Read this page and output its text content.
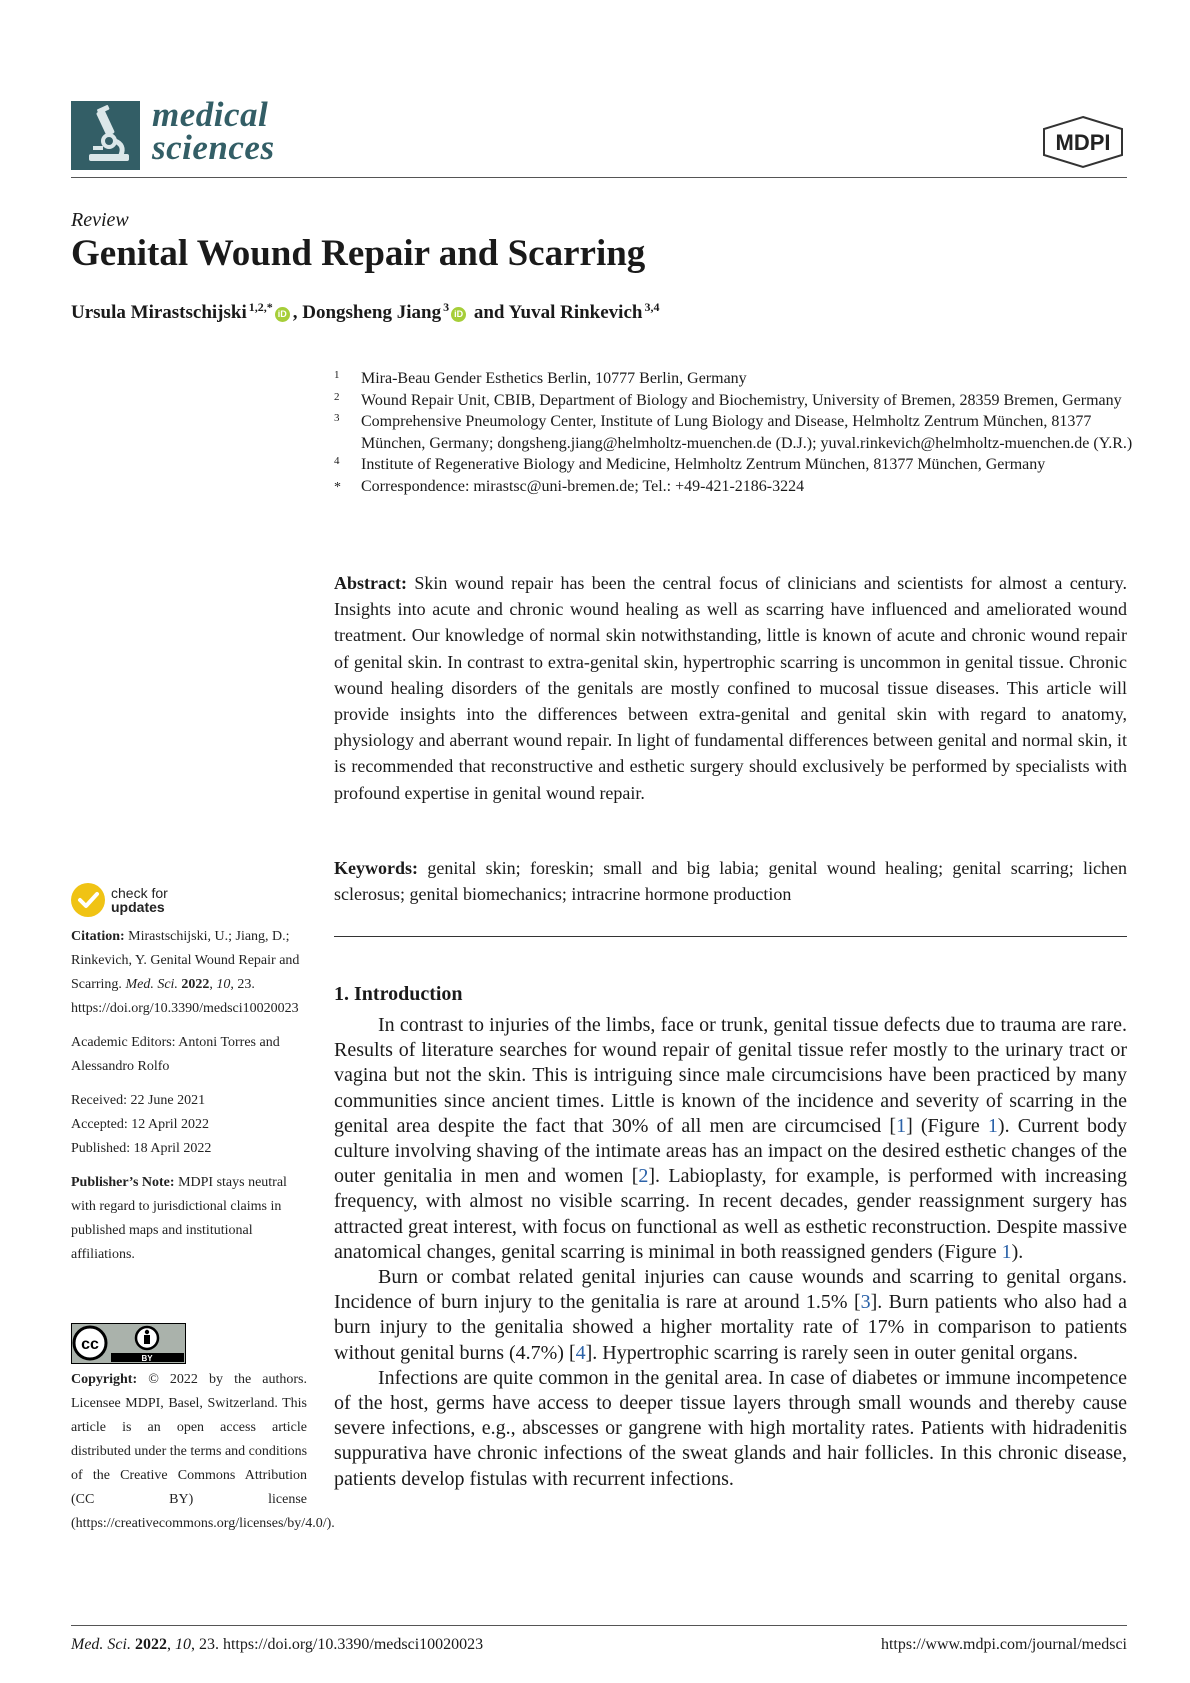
medical
sciences	MDPI
Review
Genital Wound Repair and Scarring
Ursula Mirastschijski $^{1,2,*}$ iD , Dongsheng Jiang $^3$ iD and Yuval Rinkevich $^{3,4}$
1 Mira-Beau Gender Esthetics Berlin, 10777 Berlin, Germany
2 Wound Repair Unit, CBIB, Department of Biology and Biochemistry, University of Bremen, 28359 Bremen, Germany
3 Comprehensive Pneumology Center, Institute of Lung Biology and Disease, Helmholtz Zentrum München, 81377 München, Germany; dongsheng.jiang@helmholtz-muenchen.de (D.J.); yuval.rinkevich@helmholtz-muenchen.de (Y.R.)
4 Institute of Regenerative Biology and Medicine, Helmholtz Zentrum München, 81377 München, Germany
* Correspondence: mirastsc@uni-bremen.de; Tel.: +49-421-2186-3224
Abstract: Skin wound repair has been the central focus of clinicians and scientists for almost a century. Insights into acute and chronic wound healing as well as scarring have influenced and ameliorated wound treatment. Our knowledge of normal skin notwithstanding, little is known of acute and chronic wound repair of genital skin. In contrast to extra-genital skin, hypertrophic scarring is uncommon in genital tissue. Chronic wound healing disorders of the genitals are mostly confined to mucosal tissue diseases. This article will provide insights into the differences between extra-genital and genital skin with regard to anatomy, physiology and aberrant wound repair. In light of fundamental differences between genital and normal skin, it is recommended that reconstructive and esthetic surgery should exclusively be performed by specialists with profound expertise in genital wound repair.
Keywords: genital skin; foreskin; small and big labia; genital wound healing; genital scarring; lichen sclerosus; genital biomechanics; intracrine hormone production
1. Introduction

In contrast to injuries of the limbs, face or trunk, genital tissue defects due to trauma are rare. Results of literature searches for wound repair of genital tissue refer mostly to the urinary tract or vagina but not the skin. This is intriguing since male circumcisions have been practiced by many communities since ancient times. Little is known of the incidence and severity of scarring in the genital area despite the fact that 30% of all men are circumcised [1] (Figure 1). Current body culture involving shaving of the intimate areas has an impact on the desired esthetic changes of the outer genitalia in men and women [2]. Labioplasty, for example, is performed with increasing frequency, with almost no visible scarring. In recent decades, gender reassignment surgery has attracted great interest, with focus on functional as well as esthetic reconstruction. Despite massive anatomical changes, genital scarring is minimal in both reassigned genders (Figure 1).

Burn or combat related genital injuries can cause wounds and scarring to genital organs. Incidence of burn injury to the genitalia is rare at around 1.5% [3]. Burn patients who also had a burn injury to the genitalia showed a higher mortality rate of 17% in comparison to patients without genital burns (4.7%) [4]. Hypertrophic scarring is rarely seen in outer genital organs.

Infections are quite common in the genital area. In case of diabetes or immune incompetence of the host, germs have access to deeper tissue layers through small wounds and thereby cause severe infections, e.g., abscesses or gangrene with high mortality rates. Patients with hidradenitis suppurativa have chronic infections of the sweat glands and hair follicles. In this chronic disease, patients develop fistulas with recurrent infections.

check for
updates
Citation: Mirastschijski, U.; Jiang, D.; Rinkevich, Y. Genital Wound Repair and Scarring. Med. Sci. 2022, 10, 23. https://doi.org/10.3390/medsci10020023
Academic Editors: Antoni Torres and Alessandro Rolfo
Received: 22 June 2021
Accepted: 12 April 2022
Published: 18 April 2022
Publisher’s Note: MDPI stays neutral with regard to jurisdictional claims in published maps and institutional affiliations.
cc
BY
Copyright: © 2022 by the authors. Licensee MDPI, Basel, Switzerland. This article is an open access article distributed under the terms and conditions of the Creative Commons Attribution (CC BY) license (https://creativecommons.org/licenses/by/4.0/).
Med. Sci. 2022, 10, 23. https://doi.org/10.3390/medsci10020023	https://www.mdpi.com/journal/medsci
